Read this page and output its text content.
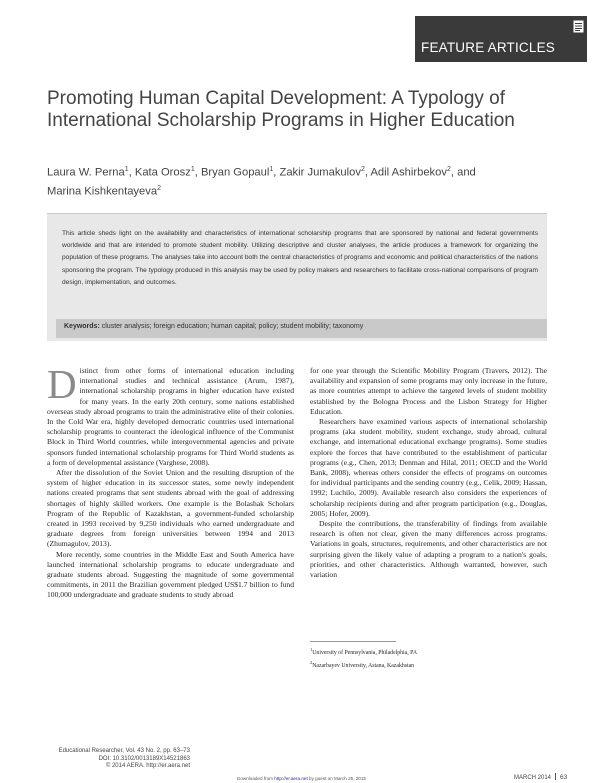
FEATURE ARTICLES
Promoting Human Capital Development: A Typology of International Scholarship Programs in Higher Education
Laura W. Perna$^1$, Kata Orosz$^1$, Bryan Gopaul$^1$, Zakir Jumakulov$^2$, Adil Ashirbekov$^2$, and
Marina Kishkentayeva$^2$

This article sheds light on the availability and characteristics of international scholarship programs that are sponsored by national and federal governments worldwide and that are intended to promote student mobility. Utilizing descriptive and cluster analyses, the article produces a framework for organizing the population of these programs. The analyses take into account both the central characteristics of programs and economic and political characteristics of the nations sponsoring the program. The typology produced in this analysis may be used by policy makers and researchers to facilitate cross-national comparisons of program design, implementation, and outcomes.

Keywords: cluster analysis; foreign education; human capital; policy; student mobility; taxonomy

Distinct from other forms of international education including international studies and technical assistance (Arum, 1987), international scholarship programs in higher education have existed for many years. In the early 20th century, some nations established overseas study abroad programs to train the administrative elite of their colonies. In the Cold War era, highly developed democratic countries used international scholarship programs to counteract the ideological influence of the Communist Block in Third World countries, while intergovernmental agencies and private sponsors funded international scholarship programs for Third World students as a form of developmental assistance (Varghese, 2008).

After the dissolution of the Soviet Union and the resulting disruption of the system of higher education in its successor states, some newly independent nations created programs that sent students abroad with the goal of addressing shortages of highly skilled workers. One example is the Bolashak Scholars Program of the Republic of Kazakhstan, a government-funded scholarship created in 1993 received by 9,250 individuals who earned undergraduate and graduate degrees from foreign universities between 1994 and 2013 (Zhumagulov, 2013).

More recently, some countries in the Middle East and South America have launched international scholarship programs to educate undergraduate and graduate students abroad. Suggesting the magnitude of some governmental commitments, in 2011 the Brazilian government pledged US$1.7 billion to fund 100,000 undergraduate and graduate students to study abroad

for one year through the Scientific Mobility Program (Travers, 2012). The availability and expansion of some programs may only increase in the future, as more countries attempt to achieve the targeted levels of student mobility established by the Bologna Process and the Lisbon Strategy for Higher Education.

Researchers have examined various aspects of international scholarship programs (aka student mobility, student exchange, study abroad, cultural exchange, and international educational exchange programs). Some studies explore the forces that have contributed to the establishment of particular programs (e.g., Chen, 2013; Denman and Hilal, 2011; OECD and the World Bank, 2008), whereas others consider the effects of programs on outcomes for individual participants and the sending country (e.g., Celik, 2009; Hassan, 1992; Luchilo, 2009). Available research also considers the experiences of scholarship recipients during and after program participation (e.g., Douglas, 2005; Hofer, 2009).

Despite the contributions, the transferability of findings from available research is often not clear, given the many differences across programs. Variations in goals, structures, requirements, and other characteristics are not surprising given the likely value of adapting a program to a nation's goals, priorities, and other characteristics. Although warranted, however, such variation

$^1$University of Pennsylvania, Philadelphia, PA
$^2$Nazarbayev University, Astana, Kazakhstan
Educational Researcher, Vol. 43 No. 2, pp. 63–73
DOI: 10.3102/0013189X14521863
© 2014 AERA. http://er.aera.net
Downloaded from http://er.aera.net by guest on March 25, 2015	MARCH 2014 63
